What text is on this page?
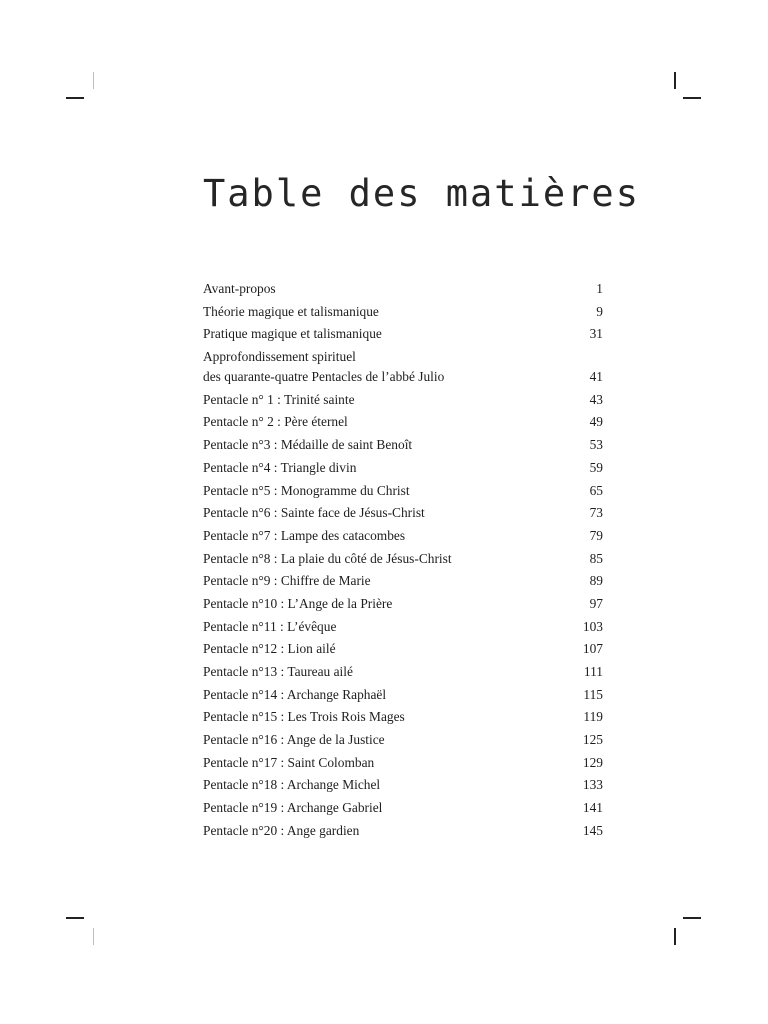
Table des matières
Avant-propos	1
Théorie magique et talismanique	9
Pratique magique et talismanique	31
Approfondissement spirituel
des quarante-quatre Pentacles de l’abbé Julio	41
Pentacle n° 1 : Trinité sainte	43
Pentacle n° 2 : Père éternel	49
Pentacle n°3 : Médaille de saint Benoît	53
Pentacle n°4 : Triangle divin	59
Pentacle n°5 : Monogramme du Christ	65
Pentacle n°6 : Sainte face de Jésus-Christ	73
Pentacle n°7 : Lampe des catacombes	79
Pentacle n°8 : La plaie du côté de Jésus-Christ	85
Pentacle n°9 : Chiffre de Marie	89
Pentacle n°10 : L’Ange de la Prière	97
Pentacle n°11 : L’évêque	103
Pentacle n°12 : Lion ailé	107
Pentacle n°13 : Taureau ailé	111
Pentacle n°14 : Archange Raphaël	115
Pentacle n°15 : Les Trois Rois Mages	119
Pentacle n°16 : Ange de la Justice	125
Pentacle n°17 : Saint Colomban	129
Pentacle n°18 : Archange Michel	133
Pentacle n°19 : Archange Gabriel	141
Pentacle n°20 : Ange gardien	145
